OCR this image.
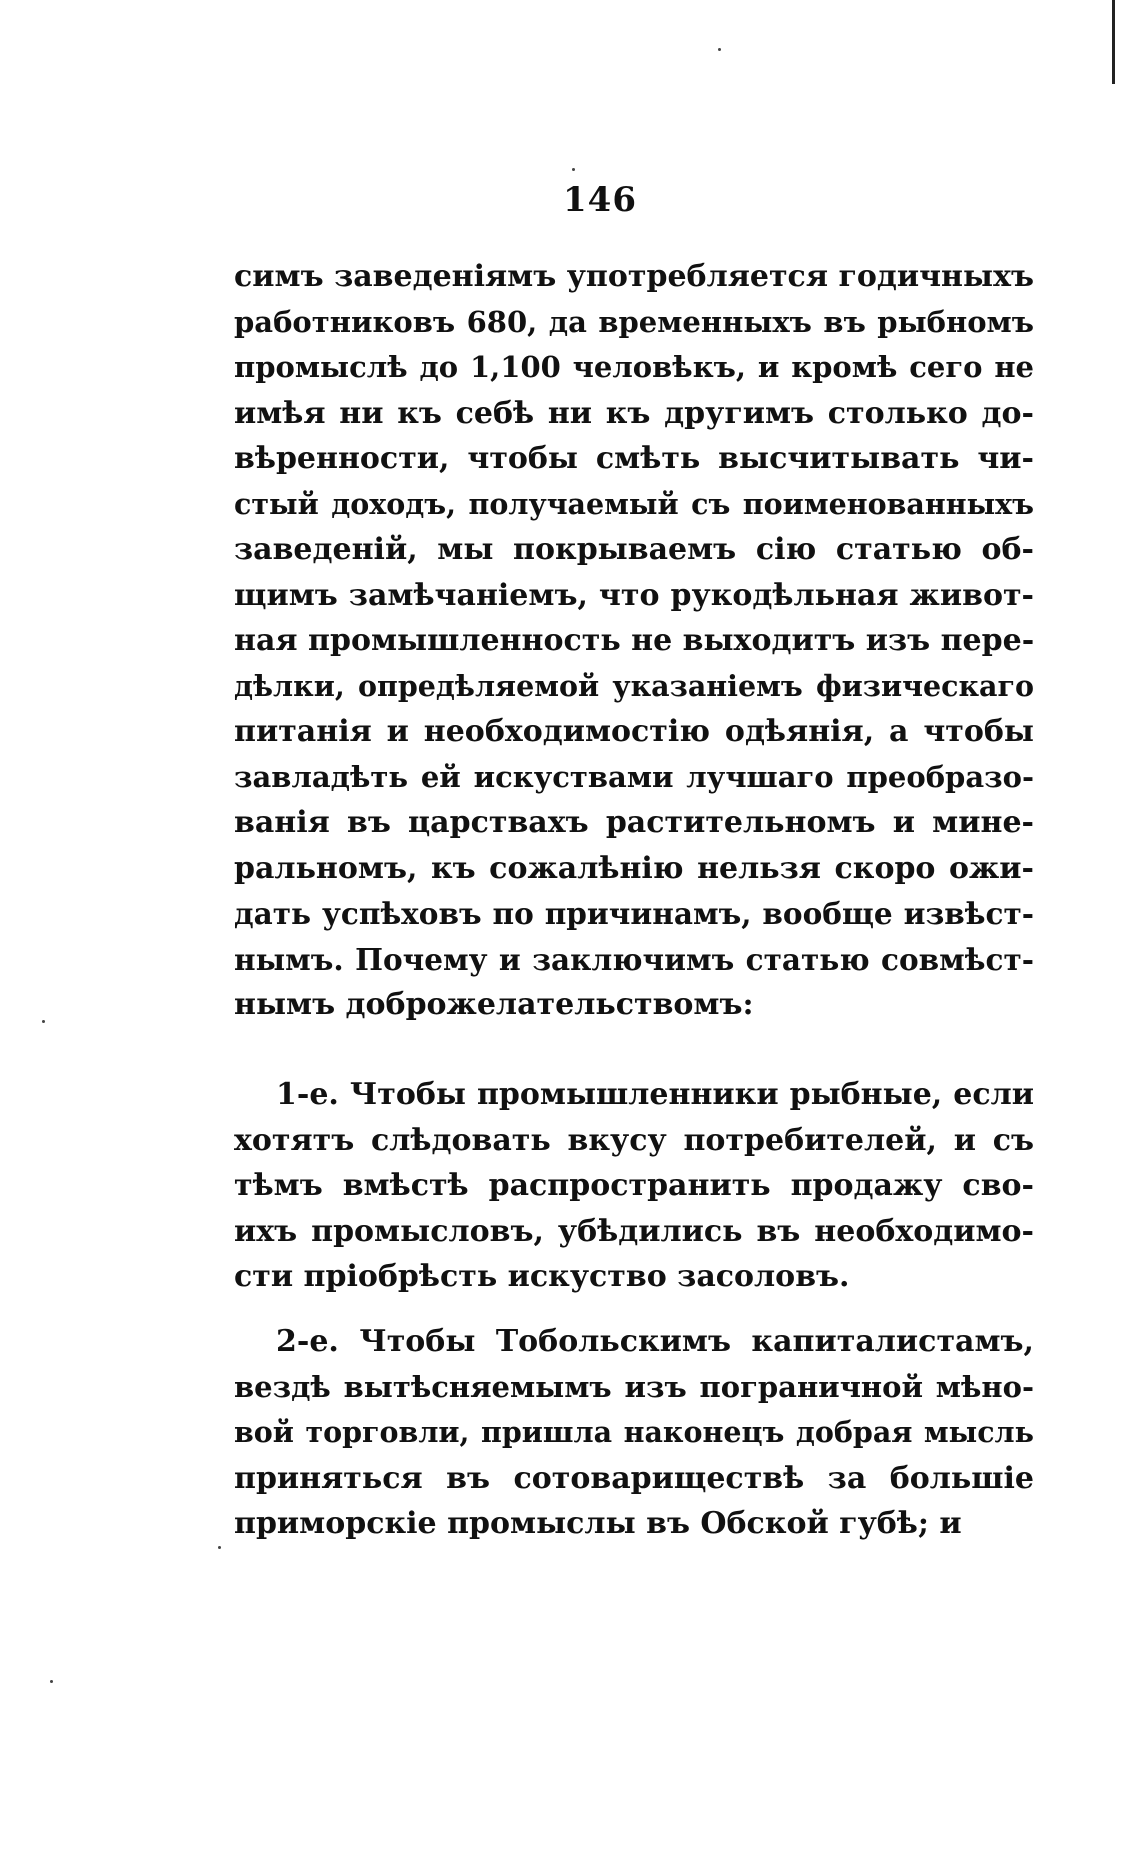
146
симъ заведеніямъ употребляется годичныхъ
работниковъ 680, да временныхъ въ рыбномъ
промыслѣ до 1,100 человѣкъ, и кромѣ сего не
имѣя ни къ себѣ ни къ другимъ столько до-
вѣренности, чтобы смѣть высчитывать чи-
стый доходъ, получаемый съ поименованныхъ
заведеній, мы покрываемъ сію статью об-
щимъ замѣчаніемъ, что рукодѣльная живот-
ная промышленность не выходитъ изъ пере-
дѣлки, опредѣляемой указаніемъ физическаго
питанія и необходимостію одѣянія, а чтобы
завладѣть ей искуствами лучшаго преобразо-
ванія въ царствахъ растительномъ и мине-
ральномъ, къ сожалѣнію нельзя скоро ожи-
дать успѣховъ по причинамъ, вообще извѣст-
нымъ. Почему и заключимъ статью совмѣст-
нымъ доброжелательствомъ:
1-е. Чтобы промышленники рыбные, если
хотятъ слѣдовать вкусу потребителей, и съ
тѣмъ вмѣстѣ распространить продажу сво-
ихъ промысловъ, убѣдились въ необходимо-
сти пріобрѣсть искуство засоловъ.
2-е. Чтобы Тобольскимъ капиталистамъ,
вездѣ вытѣсняемымъ изъ пограничной мѣно-
вой торговли, пришла наконецъ добрая мысль
приняться въ сотовариществѣ за большіе
приморскіе промыслы въ Обской губѣ; и
